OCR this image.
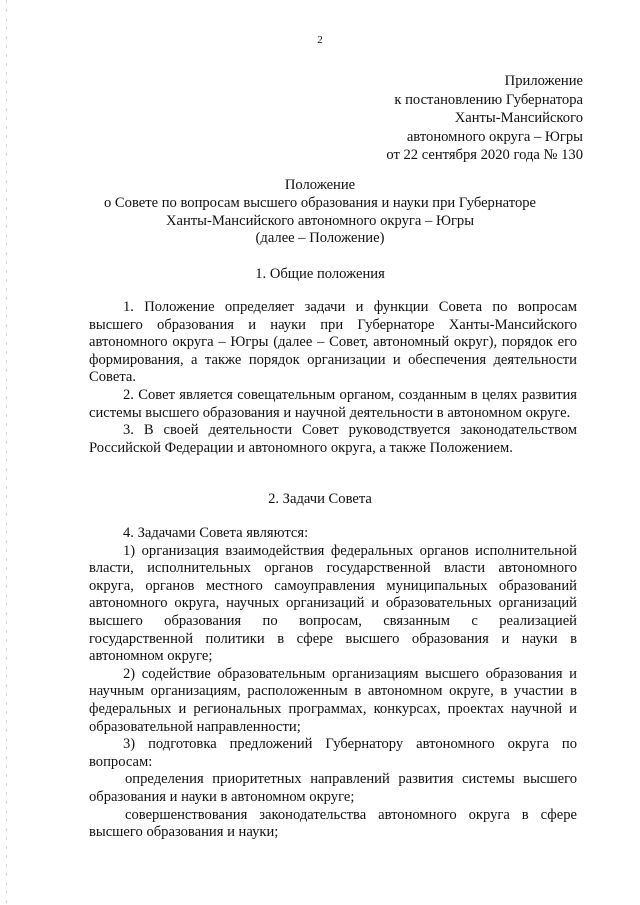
2
Приложение
к постановлению Губернатора
Ханты-Мансийского
автономного округа – Югры
от 22 сентября 2020 года № 130
Положение
о Совете по вопросам высшего образования и науки при Губернаторе
Ханты-Мансийского автономного округа – Югры
(далее – Положение)
1. Общие положения

1. Положение определяет задачи и функции Совета по вопросам высшего образования и науки при Губернаторе Ханты-Мансийского автономного округа – Югры (далее – Совет, автономный округ), порядок его формирования, а также порядок организации и обеспечения деятельности Совета.

2. Совет является совещательным органом, созданным в целях развития системы высшего образования и научной деятельности в автономном округе.

3. В своей деятельности Совет руководствуется законодательством Российской Федерации и автономного округа, а также Положением.

2. Задачи Совета

4. Задачами Совета являются:

1) организация взаимодействия федеральных органов исполнительной власти, исполнительных органов государственной власти автономного округа, органов местного самоуправления муниципальных образований автономного округа, научных организаций и образовательных организаций высшего образования по вопросам, связанным с реализацией государственной политики в сфере высшего образования и науки в автономном округе;

2) содействие образовательным организациям высшего образования и научным организациям, расположенным в автономном округе, в участии в федеральных и региональных программах, конкурсах, проектах научной и образовательной направленности;

3) подготовка предложений Губернатору автономного округа по вопросам:

определения приоритетных направлений развития системы высшего образования и науки в автономном округе;

совершенствования законодательства автономного округа в сфере высшего образования и науки;
